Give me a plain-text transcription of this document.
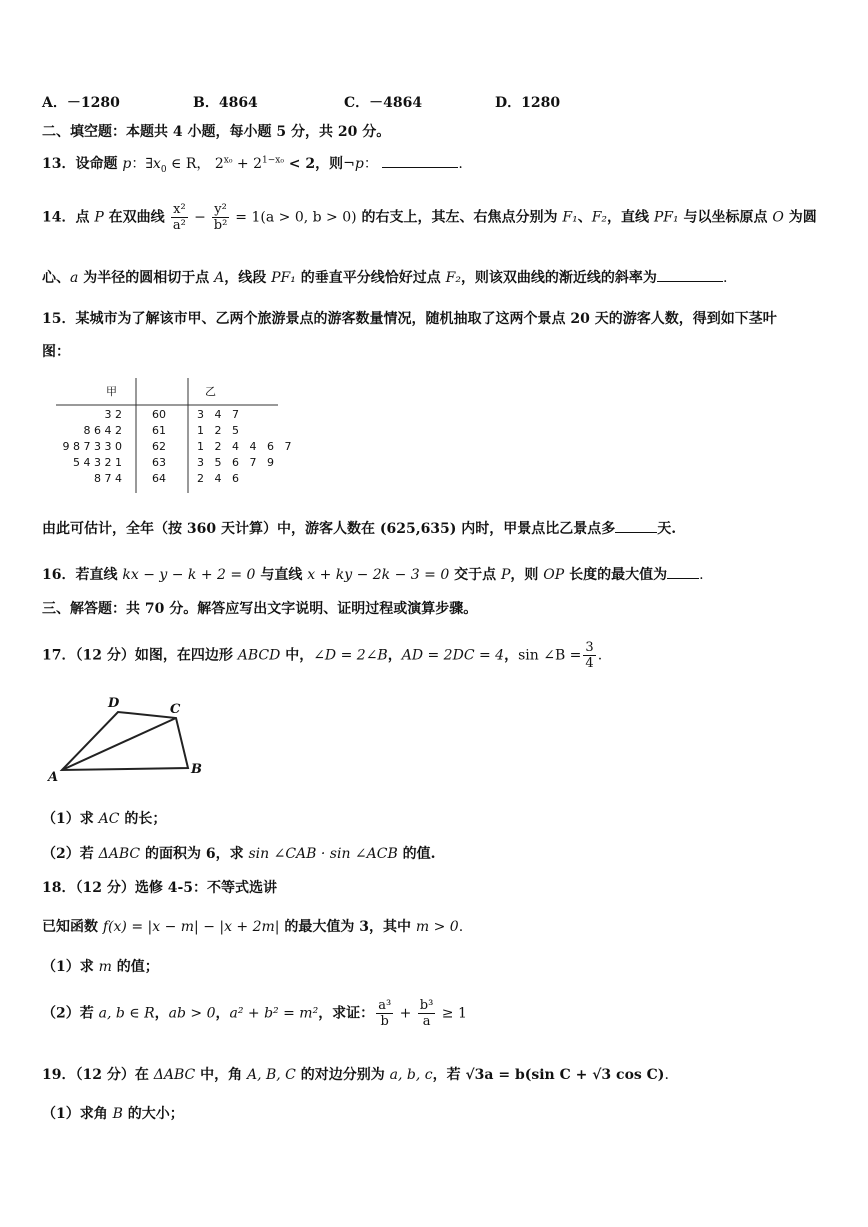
A．－1280	B．4864	C．－4864	D．1280
二、填空题：本题共 4 小题，每小题 5 分，共 20 分。
13．设命题 p：$\exists x_0$ ∈ R， $2^{x_0} + 2^{1-x_0} < 2$，则¬p：	.
14．点 P 在双曲线 $\frac{\text{x²}}{\text{a²}} - \frac{\text{y²}}{\text{b²}} = 1(a > 0$, b > 0) 的右支上，其左、右焦点分别为 F₁、F₂，直线 PF₁ 与以坐标原点 O 为圆
心、a 为半径的圆相切于点 A，线段 PF₁ 的垂直平分线恰好过点 F₂，则该双曲线的渐近线的斜率为	.
15．某城市为了解该市甲、乙两个旅游景点的游客数量情况，随机抽取了这两个景点 20 天的游客人数，得到如下茎叶
图：
甲	乙
3 2	60	3   4   7
8 6 4 2	61	1   2   5
9 8 7 3 3 0	62	1   2   4   4   6   7
5 4 3 2 1	63	3   5   6   7   9
8 7 4	64	2   4   6
由此可估计，全年（按 360 天计算）中，游客人数在 (625,635) 内时，甲景点比乙景点多	天.
16．若直线 kx − y − k + 2 = 0 与直线 x + ky − 2k − 3 = 0 交于点 P，则 OP 长度的最大值为 .
三、解答题：共 70 分。解答应写出文字说明、证明过程或演算步骤。
17．（12 分）如图，在四边形 ABCD 中，∠D = 2∠B，AD = 2DC = 4，sin ∠B = $\frac{3}{4}$ .
A
B
C
D
（1）求 AC 的长；
（2）若 ΔABC 的面积为 6，求 sin ∠CAB · sin ∠ACB 的值.
18．（12 分）选修 4-5：不等式选讲
已知函数 f(x) = |x − m| − |x + 2m| 的最大值为 3，其中 m > 0.
（1）求 m 的值；
（2）若 a, b ∈ R，ab > 0，a² + b² = m²，求证： $\frac{\text{a³}}{b} + \frac{\text{b³}}{a} \ge 1$
19．（12 分）在 ΔABC 中，角 A, B, C 的对边分别为 a, b, c，若 √3a = b(sin C + √3 cos C).
（1）求角 B 的大小；
